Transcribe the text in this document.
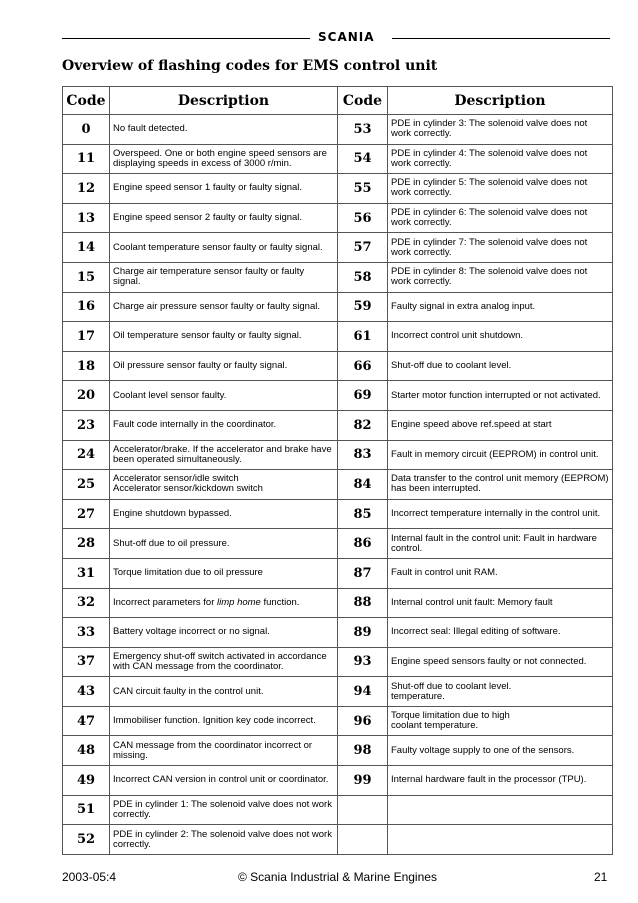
SCANIA
Overview of flashing codes for EMS control unit
Code	Description	Code	Description
0	No fault detected.	53	PDE in cylinder 3: The solenoid valve does not work correctly.
11	Overspeed. One or both engine speed sensors are displaying speeds in excess of 3000 r/min.	54	PDE in cylinder 4: The solenoid valve does not work correctly.
12	Engine speed sensor 1 faulty or faulty signal.	55	PDE in cylinder 5: The solenoid valve does not work correctly.
13	Engine speed sensor 2 faulty or faulty signal.	56	PDE in cylinder 6: The solenoid valve does not work correctly.
14	Coolant temperature sensor faulty or faulty signal.	57	PDE in cylinder 7: The solenoid valve does not work correctly.
15	Charge air temperature sensor faulty or faulty signal.	58	PDE in cylinder 8: The solenoid valve does not work correctly.
16	Charge air pressure sensor faulty or faulty signal.	59	Faulty signal in extra analog input.
17	Oil temperature sensor faulty or faulty signal.	61	Incorrect control unit shutdown.
18	Oil pressure sensor faulty or faulty signal.	66	Shut-off due to coolant level.
20	Coolant level sensor faulty.	69	Starter motor function interrupted or not activated.
23	Fault code internally in the coordinator.	82	Engine speed above ref.speed at start
24	Accelerator/brake. If the accelerator and brake have been operated simultaneously.	83	Fault in memory circuit (EEPROM) in control unit.
25	Accelerator sensor/idle switch
Accelerator sensor/kickdown switch	84	Data transfer to the control unit memory (EEPROM) has been interrupted.
27	Engine shutdown bypassed.	85	Incorrect temperature internally in the control unit.
28	Shut-off due to oil pressure.	86	Internal fault in the control unit: Fault in hardware control.
31	Torque limitation due to oil pressure	87	Fault in control unit RAM.
32	Incorrect parameters for limp home function.	88	Internal control unit fault: Memory fault
33	Battery voltage incorrect or no signal.	89	Incorrect seal: Illegal editing of software.
37	Emergency shut-off switch activated in accordance with CAN message from the coordinator.	93	Engine speed sensors faulty or not connected.
43	CAN circuit faulty in the control unit.	94	Shut-off due to coolant level.
temperature.
47	Immobiliser function. Ignition key code incorrect.	96	Torque limitation due to high
coolant temperature.
48	CAN message from the coordinator incorrect or missing.	98	Faulty voltage supply to one of the sensors.
49	Incorrect CAN version in control unit or coordinator.	99	Internal hardware fault in the processor (TPU).
51	PDE in cylinder 1: The solenoid valve does not work correctly.		
52	PDE in cylinder 2: The solenoid valve does not work correctly.		
2003-05:4	© Scania Industrial & Marine Engines	21
